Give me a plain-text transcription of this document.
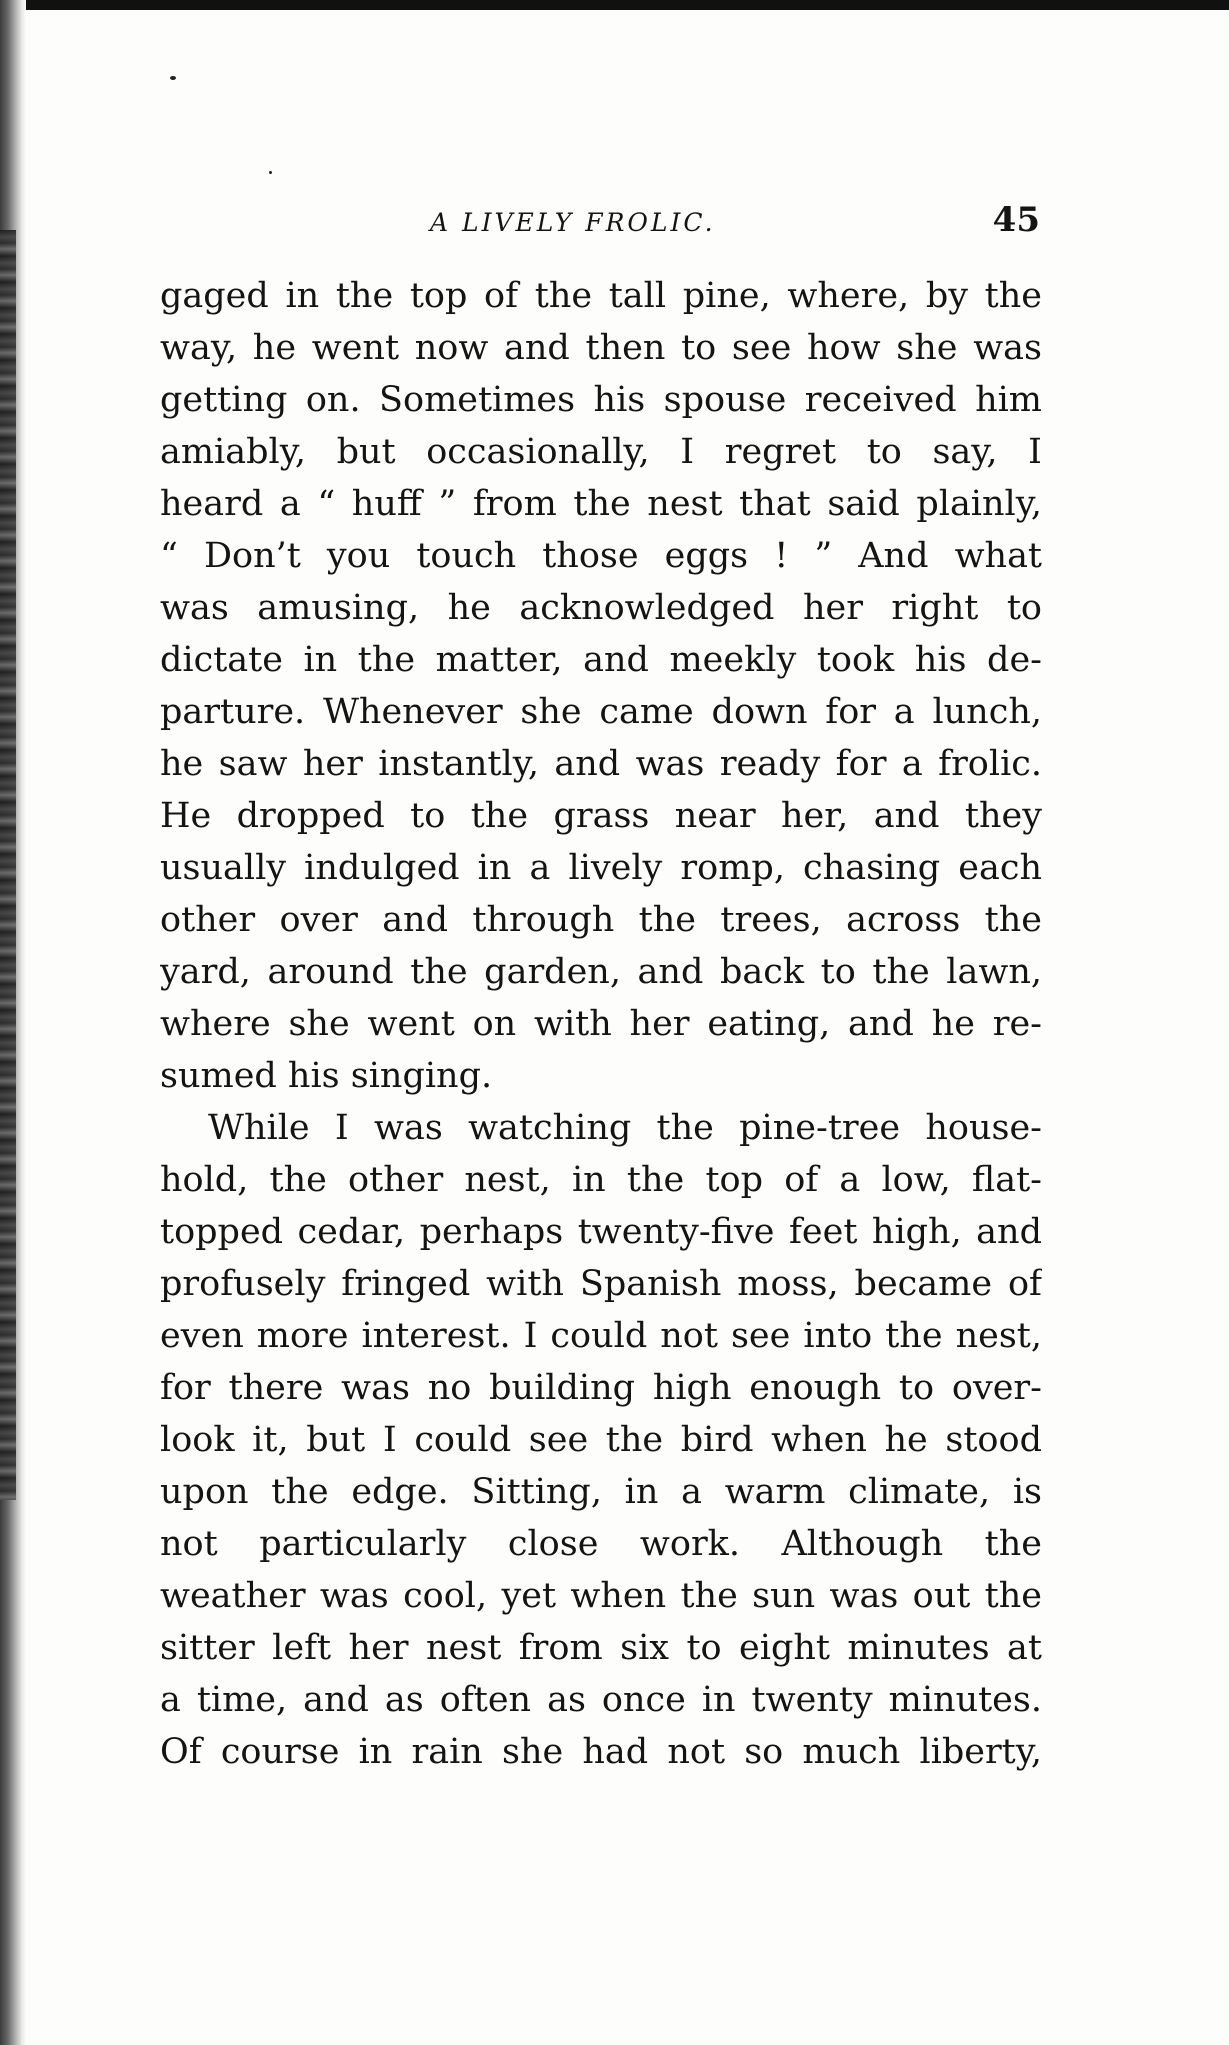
A LIVELY FROLIC.	45
gaged in the top of the tall pine, where, by the
way, he went now and then to see how she was
getting on. Sometimes his spouse received him
amiably, but occasionally, I regret to say, I
heard a “ huff ” from the nest that said plainly,
“ Don’t you touch those eggs ! ” And what
was amusing, he acknowledged her right to
dictate in the matter, and meekly took his de-
parture. Whenever she came down for a lunch,
he saw her instantly, and was ready for a frolic.
He dropped to the grass near her, and they
usually indulged in a lively romp, chasing each
other over and through the trees, across the
yard, around the garden, and back to the lawn,
where she went on with her eating, and he re-
sumed his singing.
While I was watching the pine-tree house-
hold, the other nest, in the top of a low, flat-
topped cedar, perhaps twenty-five feet high, and
profusely fringed with Spanish moss, became of
even more interest. I could not see into the nest,
for there was no building high enough to over-
look it, but I could see the bird when he stood
upon the edge. Sitting, in a warm climate, is
not particularly close work. Although the
weather was cool, yet when the sun was out the
sitter left her nest from six to eight minutes at
a time, and as often as once in twenty minutes.
Of course in rain she had not so much liberty,
